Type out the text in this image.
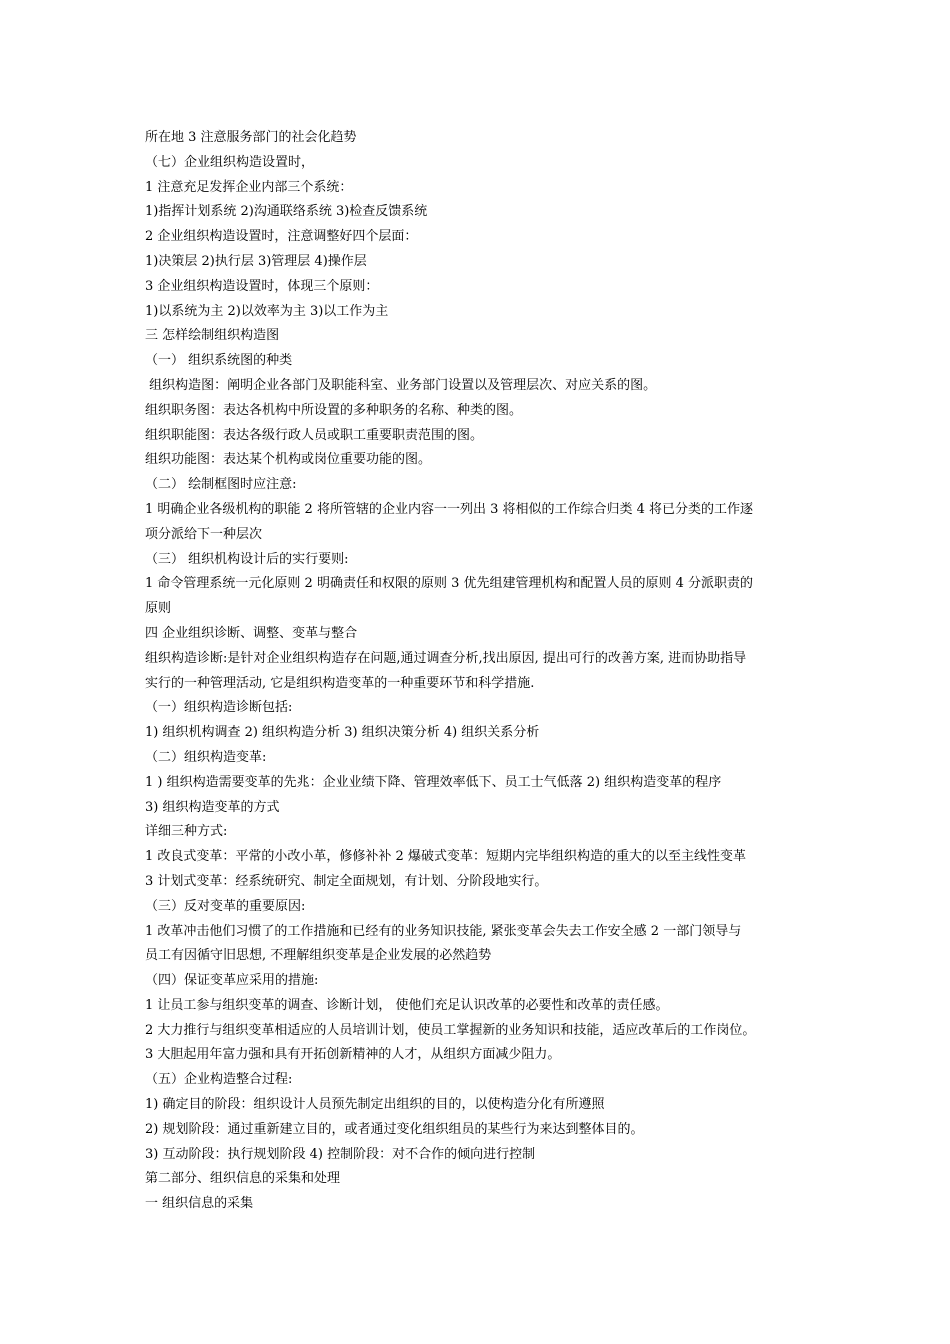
所在地 3 注意服务部门的社会化趋势
（七）企业组织构造设置时，
1 注意充足发挥企业内部三个系统：
1)指挥计划系统 2)沟通联络系统 3)检查反馈系统
2 企业组织构造设置时，注意调整好四个层面：
1)决策层 2)执行层 3)管理层 4)操作层
3 企业组织构造设置时，体现三个原则：
1)以系统为主 2)以效率为主 3)以工作为主
三 怎样绘制组织构造图
（一） 组织系统图的种类
组织构造图：阐明企业各部门及职能科室、业务部门设置以及管理层次、对应关系的图。
组织职务图：表达各机构中所设置的多种职务的名称、种类的图。
组织职能图：表达各级行政人员或职工重要职责范围的图。
组织功能图：表达某个机构或岗位重要功能的图。
（二） 绘制框图时应注意:
1 明确企业各级机构的职能 2 将所管辖的企业内容一一列出 3 将相似的工作综合归类 4 将已分类的工作逐
项分派给下一种层次
（三） 组织机构设计后的实行要则:
1 命令管理系统一元化原则 2 明确责任和权限的原则 3 优先组建管理机构和配置人员的原则 4 分派职责的
原则
四 企业组织诊断、调整、变革与整合
组织构造诊断:是针对企业组织构造存在问题,通过调查分析,找出原因, 提出可行的改善方案, 进而协助指导
实行的一种管理活动, 它是组织构造变革的一种重要环节和科学措施.
（一）组织构造诊断包括:
1) 组织机构调查 2) 组织构造分析 3) 组织决策分析 4) 组织关系分析
（二）组织构造变革:
1 ) 组织构造需要变革的先兆：企业业绩下降、管理效率低下、员工士气低落 2) 组织构造变革的程序
3) 组织构造变革的方式
详细三种方式:
1 改良式变革：平常的小改小革，修修补补 2 爆破式变革：短期内完毕组织构造的重大的以至主线性变革
3 计划式变革：经系统研究、制定全面规划，有计划、分阶段地实行。
（三）反对变革的重要原因:
1 改革冲击他们习惯了的工作措施和已经有的业务知识技能, 紧张变革会失去工作安全感 2 一部门领导与
员工有因循守旧思想, 不理解组织变革是企业发展的必然趋势
（四）保证变革应采用的措施:
1 让员工参与组织变革的调查、诊断计划， 使他们充足认识改革的必要性和改革的责任感。
2 大力推行与组织变革相适应的人员培训计划，使员工掌握新的业务知识和技能，适应改革后的工作岗位。
3 大胆起用年富力强和具有开拓创新精神的人才，从组织方面减少阻力。
（五）企业构造整合过程:
1) 确定目的阶段：组织设计人员预先制定出组织的目的，以使构造分化有所遵照
2) 规划阶段：通过重新建立目的，或者通过变化组织组员的某些行为来达到整体目的。
3) 互动阶段：执行规划阶段 4) 控制阶段：对不合作的倾向进行控制
第二部分、组织信息的采集和处理
一 组织信息的采集
